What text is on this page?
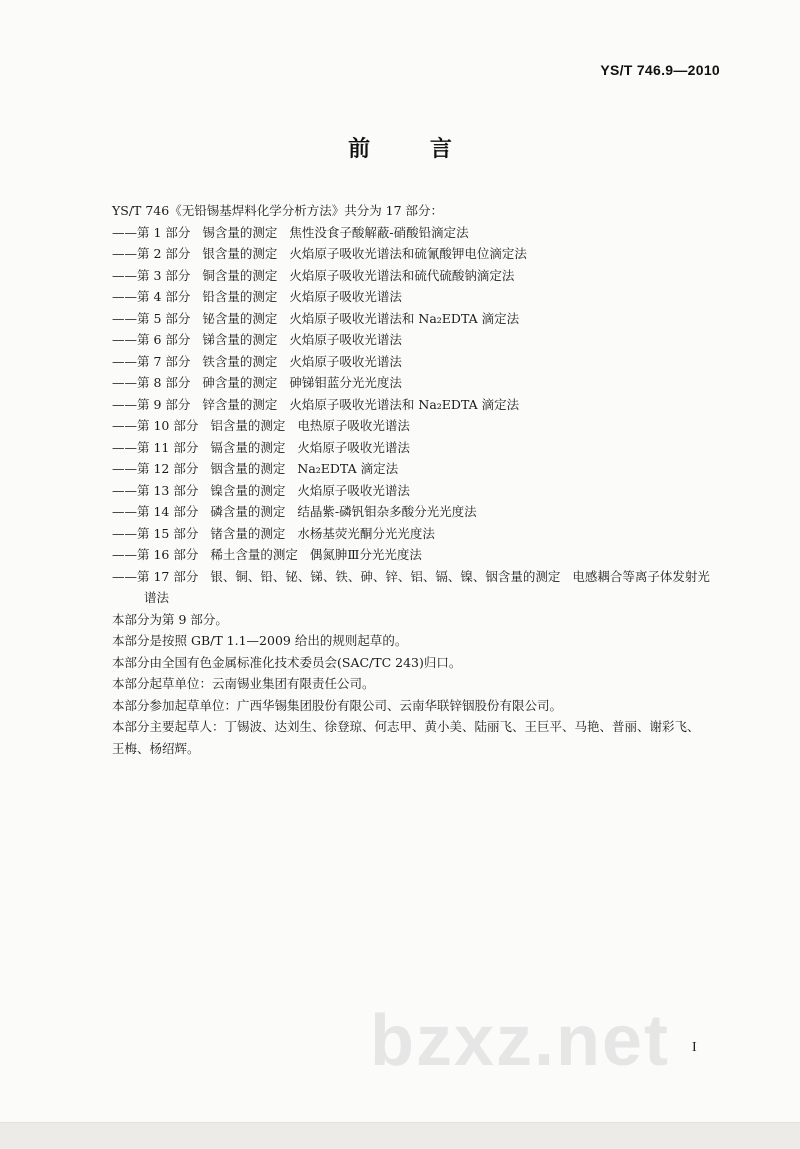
YS/T 746.9—2010
前 言
YS/T 746《无铅锡基焊料化学分析方法》共分为 17 部分：
——第 1 部分 锡含量的测定 焦性没食子酸解蔽-硝酸铅滴定法
——第 2 部分 银含量的测定 火焰原子吸收光谱法和硫氰酸钾电位滴定法
——第 3 部分 铜含量的测定 火焰原子吸收光谱法和硫代硫酸钠滴定法
——第 4 部分 铅含量的测定 火焰原子吸收光谱法
——第 5 部分 铋含量的测定 火焰原子吸收光谱法和 Na₂EDTA 滴定法
——第 6 部分 锑含量的测定 火焰原子吸收光谱法
——第 7 部分 铁含量的测定 火焰原子吸收光谱法
——第 8 部分 砷含量的测定 砷锑钼蓝分光光度法
——第 9 部分 锌含量的测定 火焰原子吸收光谱法和 Na₂EDTA 滴定法
——第 10 部分 铝含量的测定 电热原子吸收光谱法
——第 11 部分 镉含量的测定 火焰原子吸收光谱法
——第 12 部分 铟含量的测定 Na₂EDTA 滴定法
——第 13 部分 镍含量的测定 火焰原子吸收光谱法
——第 14 部分 磷含量的测定 结晶紫-磷钒钼杂多酸分光光度法
——第 15 部分 锗含量的测定 水杨基荧光酮分光光度法
——第 16 部分 稀土含量的测定 偶氮胂Ⅲ分光光度法
——第 17 部分 银、铜、铅、铋、锑、铁、砷、锌、铝、镉、镍、铟含量的测定 电感耦合等离子体发射光
谱法
本部分为第 9 部分。
本部分是按照 GB/T 1.1—2009 给出的规则起草的。
本部分由全国有色金属标准化技术委员会(SAC/TC 243)归口。
本部分起草单位：云南锡业集团有限责任公司。
本部分参加起草单位：广西华锡集团股份有限公司、云南华联锌铟股份有限公司。
本部分主要起草人：丁锡波、达刘生、徐登琼、何志甲、黄小美、陆丽飞、王巨平、马艳、普丽、谢彩飞、
王梅、杨绍辉。
bzxz.net I
